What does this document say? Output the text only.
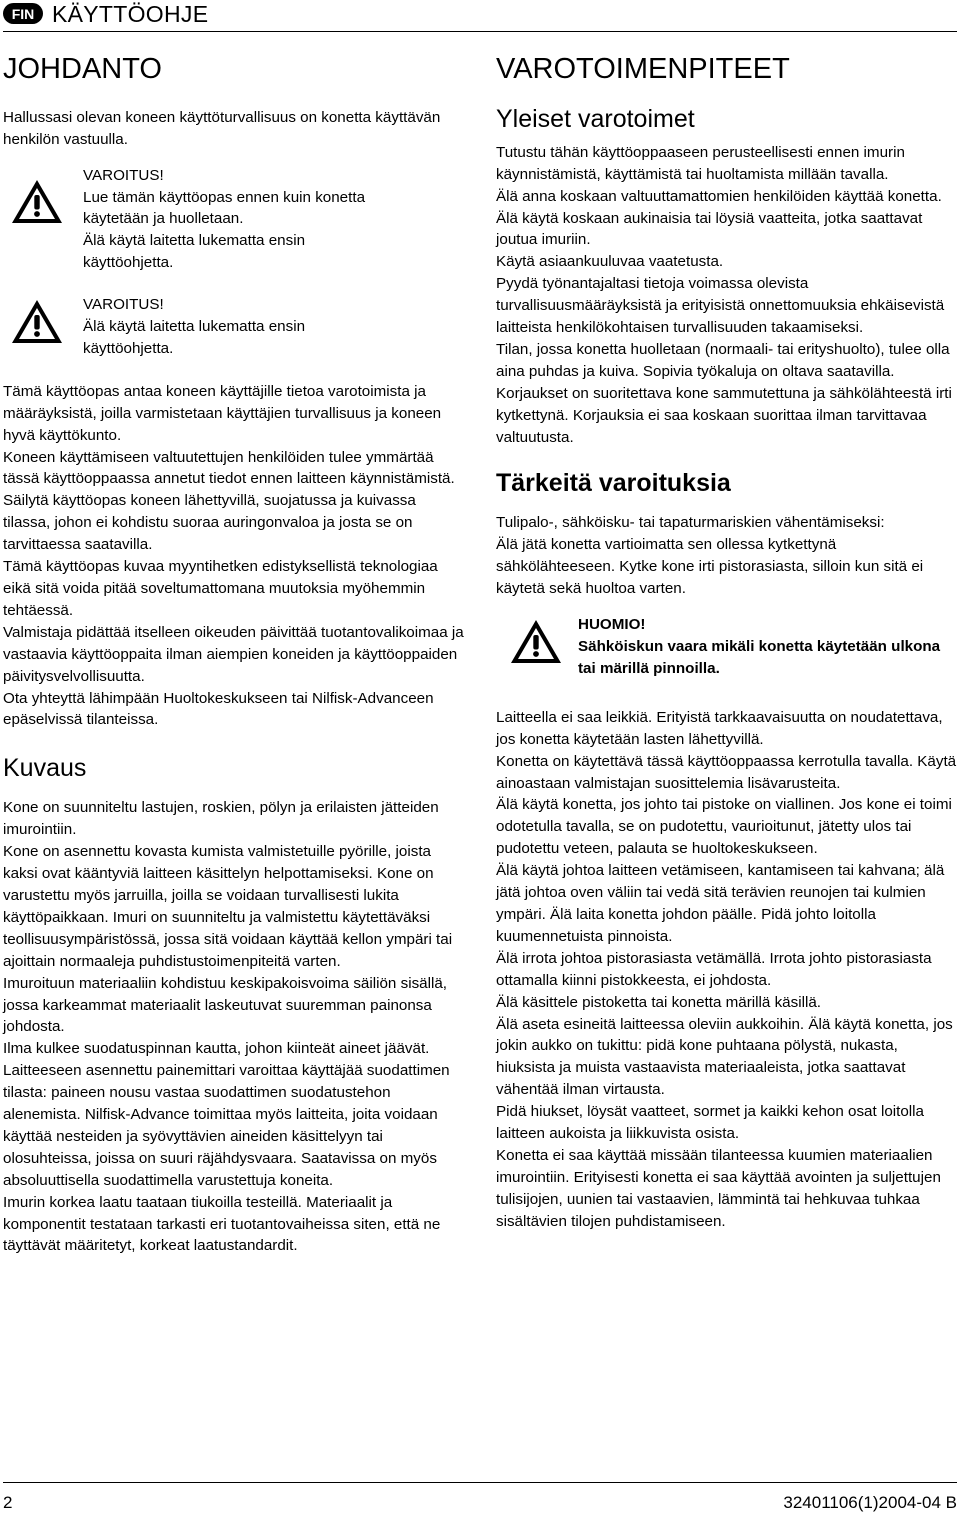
FIN KÄYTTÖOHJE
JOHDANTO

Hallussasi olevan koneen käyttöturvallisuus on konetta käyttävän henkilön vastuulla.

VAROITUS!
Lue tämän käyttöopas ennen kuin konetta käytetään ja huolletaan.
Älä käytä laitetta lukematta ensin käyttöohjetta.
VAROITUS!
Älä käytä laitetta lukematta ensin käyttöohjetta.

Tämä käyttöopas antaa koneen käyttäjille tietoa varotoimista ja määräyksistä, joilla varmistetaan käyttäjien turvallisuus ja koneen hyvä käyttökunto.

Koneen käyttämiseen valtuutettujen henkilöiden tulee ymmärtää tässä käyttöoppaassa annetut tiedot ennen laitteen käynnistämistä. Säilytä käyttöopas koneen lähettyvillä, suojatussa ja kuivassa tilassa, johon ei kohdistu suoraa auringonvaloa ja josta se on tarvittaessa saatavilla.

Tämä käyttöopas kuvaa myyntihetken edistyksellistä teknologiaa eikä sitä voida pitää soveltumattomana muutoksia myöhemmin tehtäessä.

Valmistaja pidättää itselleen oikeuden päivittää tuotantovalikoimaa ja vastaavia käyttöoppaita ilman aiempien koneiden ja käyttöoppaiden päivitysvelvollisuutta.

Ota yhteyttä lähimpään Huoltokeskukseen tai Nilfisk-Advanceen epäselvissä tilanteissa.

Kuvaus

Kone on suunniteltu lastujen, roskien, pölyn ja erilaisten jätteiden imurointiin.

Kone on asennettu kovasta kumista valmistetuille pyörille, joista kaksi ovat kääntyviä laitteen käsittelyn helpottamiseksi. Kone on varustettu myös jarruilla, joilla se voidaan turvallisesti lukita käyttöpaikkaan. Imuri on suunniteltu ja valmistettu käytettäväksi teollisuusympäristössä, jossa sitä voidaan käyttää kellon ympäri tai ajoittain normaaleja puhdistustoimenpiteitä varten.

Imuroituun materiaaliin kohdistuu keskipakoisvoima säiliön sisällä, jossa karkeammat materiaalit laskeutuvat suuremman painonsa johdosta.

Ilma kulkee suodatuspinnan kautta, johon kiinteät aineet jäävät.

Laitteeseen asennettu painemittari varoittaa käyttäjää suodattimen tilasta: paineen nousu vastaa suodattimen suodatustehon alenemista. Nilfisk-Advance toimittaa myös laitteita, joita voidaan käyttää nesteiden ja syövyttävien aineiden käsittelyyn tai olosuhteissa, joissa on suuri räjähdysvaara. Saatavissa on myös absoluuttisella suodattimella varustettuja koneita.

Imurin korkea laatu taataan tiukoilla testeillä. Materiaalit ja komponentit testataan tarkasti eri tuotantovaiheissa siten, että ne täyttävät määritetyt, korkeat laatustandardit.

VAROTOIMENPITEET
Yleiset varotoimet

Tutustu tähän käyttöoppaaseen perusteellisesti ennen imurin käynnistämistä, käyttämistä tai huoltamista millään tavalla.

Älä anna koskaan valtuuttamattomien henkilöiden käyttää konetta.

Älä käytä koskaan aukinaisia tai löysiä vaatteita, jotka saattavat joutua imuriin.

Käytä asiaankuuluvaa vaatetusta.

Pyydä työnantajaltasi tietoja voimassa olevista turvallisuusmääräyksistä ja erityisistä onnettomuuksia ehkäisevistä laitteista henkilökohtaisen turvallisuuden takaamiseksi.

Tilan, jossa konetta huolletaan (normaali- tai erityshuolto), tulee olla aina puhdas ja kuiva. Sopivia työkaluja on oltava saatavilla.

Korjaukset on suoritettava kone sammutettuna ja sähkölähteestä irti kytkettynä. Korjauksia ei saa koskaan suorittaa ilman tarvittavaa valtuutusta.

Tärkeitä varoituksia

Tulipalo-, sähköisku- tai tapaturmariskien vähentämiseksi:

Älä jätä konetta vartioimatta sen ollessa kytkettynä sähkölähteeseen. Kytke kone irti pistorasiasta, silloin kun sitä ei käytetä sekä huoltoa varten.

HUOMIO!
Sähköiskun vaara mikäli konetta käytetään ulkona tai märillä pinnoilla.

Laitteella ei saa leikkiä. Erityistä tarkkaavaisuutta on noudatettava, jos konetta käytetään lasten lähettyvillä.

Konetta on käytettävä tässä käyttöoppaassa kerrotulla tavalla. Käytä ainoastaan valmistajan suosittelemia lisävarusteita.

Älä käytä konetta, jos johto tai pistoke on viallinen. Jos kone ei toimi odotetulla tavalla, se on pudotettu, vaurioitunut, jätetty ulos tai pudotettu veteen, palauta se huoltokeskukseen.

Älä käytä johtoa laitteen vetämiseen, kantamiseen tai kahvana; älä jätä johtoa oven väliin tai vedä sitä terävien reunojen tai kulmien ympäri. Älä laita konetta johdon päälle. Pidä johto loitolla kuumennetuista pinnoista.

Älä irrota johtoa pistorasiasta vetämällä. Irrota johto pistorasiasta ottamalla kiinni pistokkeesta, ei johdosta.

Älä käsittele pistoketta tai konetta märillä käsillä.

Älä aseta esineitä laitteessa oleviin aukkoihin. Älä käytä konetta, jos jokin aukko on tukittu: pidä kone puhtaana pölystä, nukasta, hiuksista ja muista vastaavista materiaaleista, jotka saattavat vähentää ilman virtausta.

Pidä hiukset, löysät vaatteet, sormet ja kaikki kehon osat loitolla laitteen aukoista ja liikkuvista osista.

Konetta ei saa käyttää missään tilanteessa kuumien materiaalien imurointiin. Erityisesti konetta ei saa käyttää avointen ja suljettujen tulisijojen, uunien tai vastaavien, lämmintä tai hehkuvaa tuhkaa sisältävien tilojen puhdistamiseen.

2	32401106(1)2004-04 B
